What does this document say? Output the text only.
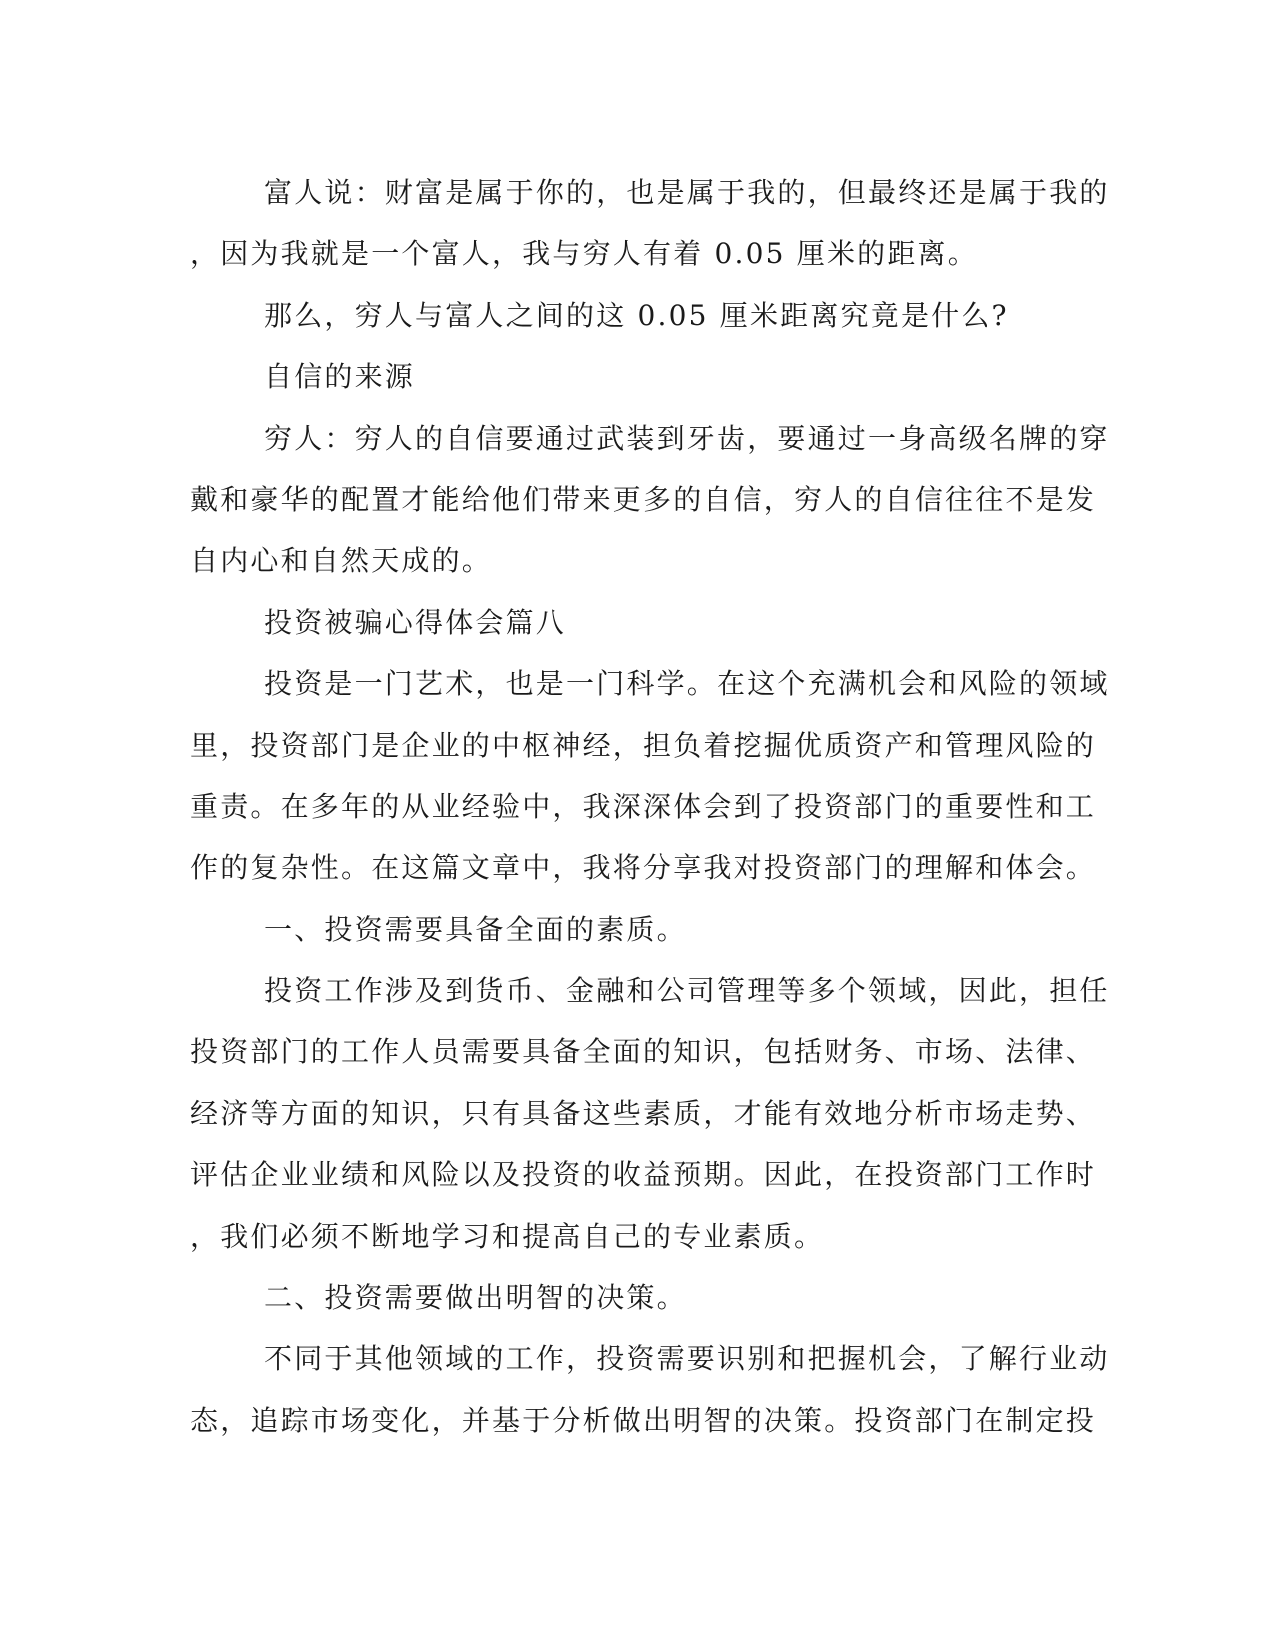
富人说：财富是属于你的，也是属于我的，但最终还是属于我的
，因为我就是一个富人，我与穷人有着 0.05 厘米的距离。
那么，穷人与富人之间的这 0.05 厘米距离究竟是什么?
自信的来源
穷人：穷人的自信要通过武装到牙齿，要通过一身高级名牌的穿
戴和豪华的配置才能给他们带来更多的自信，穷人的自信往往不是发
自内心和自然天成的。
投资被骗心得体会篇八
投资是一门艺术，也是一门科学。在这个充满机会和风险的领域
里，投资部门是企业的中枢神经，担负着挖掘优质资产和管理风险的
重责。在多年的从业经验中，我深深体会到了投资部门的重要性和工
作的复杂性。在这篇文章中，我将分享我对投资部门的理解和体会。
一、投资需要具备全面的素质。
投资工作涉及到货币、金融和公司管理等多个领域，因此，担任
投资部门的工作人员需要具备全面的知识，包括财务、市场、法律、
经济等方面的知识，只有具备这些素质，才能有效地分析市场走势、
评估企业业绩和风险以及投资的收益预期。因此，在投资部门工作时
，我们必须不断地学习和提高自己的专业素质。
二、投资需要做出明智的决策。
不同于其他领域的工作，投资需要识别和把握机会，了解行业动
态，追踪市场变化，并基于分析做出明智的决策。投资部门在制定投
